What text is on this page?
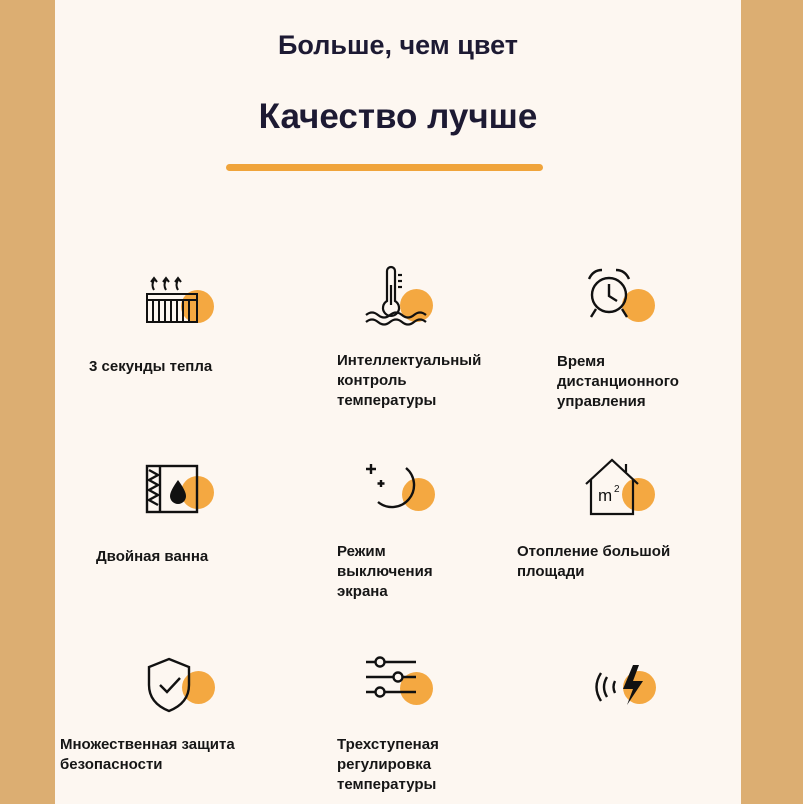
Больше, чем цвет
Качество лучше
3 секунды тепла	Интеллектуальный
контроль
температуры
Время
дистанционного
управления
Двойная ванна	Режим
выключения
экрана
m 2
Отопление большой
площади
Множественная защита
безопасности
Трехступеная
регулировка
температуры
